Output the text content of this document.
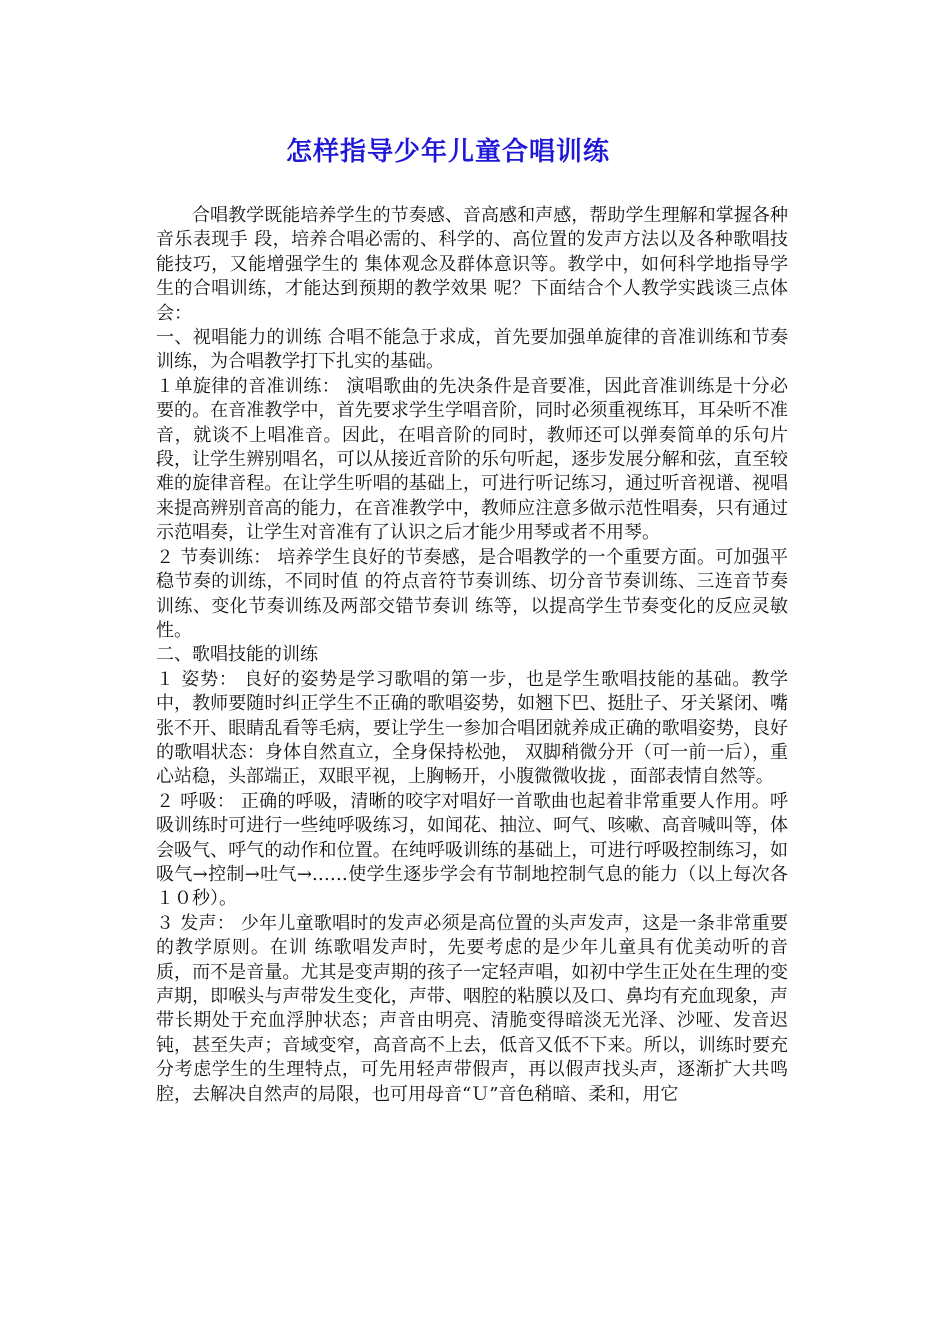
怎样指导少年儿童合唱训练

合唱教学既能培养学生的节奏感、音高感和声感，帮助学生理解和掌握各种音乐表现手 段，培养合唱必需的、科学的、高位置的发声方法以及各种歌唱技能技巧，又能增强学生的 集体观念及群体意识等。教学中，如何科学地指导学生的合唱训练，才能达到预期的教学效果 呢？下面结合个人教学实践谈三点体会：

一、视唱能力的训练 合唱不能急于求成，首先要加强单旋律的音准训练和节奏训练，为合唱教学打下扎实的基础。

１单旋律的音准训练： 演唱歌曲的先决条件是音要准，因此音准训练是十分必要的。在音准教学中，首先要求学生学唱音阶，同时必须重视练耳，耳朵听不准音，就谈不上唱准音。因此，在唱音阶的同时，教师还可以弹奏简单的乐句片段，让学生辨别唱名，可以从接近音阶的乐句听起，逐步发展分解和弦，直至较难的旋律音程。在让学生听唱的基础上，可进行听记练习，通过听音视谱、视唱来提高辨别音高的能力，在音准教学中，教师应注意多做示范性唱奏，只有通过示范唱奏，让学生对音准有了认识之后才能少用琴或者不用琴。

２ 节奏训练： 培养学生良好的节奏感，是合唱教学的一个重要方面。可加强平稳节奏的训练，不同时值 的符点音符节奏训练、切分音节奏训练、三连音节奏训练、变化节奏训练及两部交错节奏训 练等，以提高学生节奏变化的反应灵敏性。

二、歌唱技能的训练

１ 姿势： 良好的姿势是学习歌唱的第一步，也是学生歌唱技能的基础。教学中，教师要随时纠正学生不正确的歌唱姿势，如翘下巴、挺肚子、牙关紧闭、嘴张不开、眼睛乱看等毛病，要让学生一参加合唱团就养成正确的歌唱姿势，良好的歌唱状态：身体自然直立，全身保持松弛， 双脚稍微分开（可一前一后），重心站稳，头部端正，双眼平视，上胸畅开，小腹微微收拢 ，面部表情自然等。

２ 呼吸： 正确的呼吸，清晰的咬字对唱好一首歌曲也起着非常重要人作用。呼吸训练时可进行一些纯呼吸练习，如闻花、抽泣、呵气、咳嗽、高音喊叫等，体会吸气、呼气的动作和位置。在纯呼吸训练的基础上，可进行呼吸控制练习，如吸气→控制→吐气→……使学生逐步学会有节制地控制气息的能力（以上每次各１０秒）。

３ 发声： 少年儿童歌唱时的发声必须是高位置的头声发声，这是一条非常重要的教学原则。在训 练歌唱发声时，先要考虑的是少年儿童具有优美动听的音质，而不是音量。尤其是变声期的孩子一定轻声唱，如初中学生正处在生理的变声期，即喉头与声带发生变化，声带、咽腔的粘膜以及口、鼻均有充血现象，声带长期处于充血浮肿状态；声音由明亮、清脆变得暗淡无光泽、沙哑、发音迟钝，甚至失声；音域变窄，高音高不上去，低音又低不下来。所以，训练时要充分考虑学生的生理特点，可先用轻声带假声，再以假声找头声，逐渐扩大共鸣腔，去解决自然声的局限，也可用母音“Ｕ”音色稍暗、柔和，用它
